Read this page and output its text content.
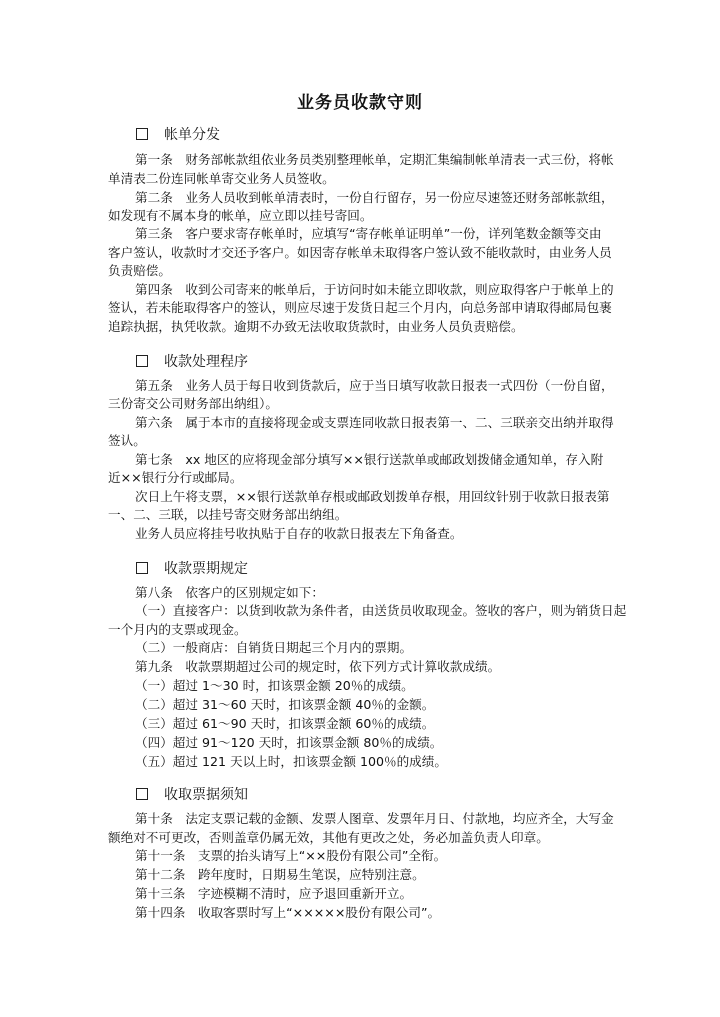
业务员收款守则
帐单分发
第一条　财务部帐款组依业务员类别整理帐单，定期汇集编制帐单清表一式三份，将帐
单清表二份连同帐单寄交业务人员签收。
第二条　业务人员收到帐单清表时，一份自行留存，另一份应尽速签还财务部帐款组，
如发现有不属本身的帐单，应立即以挂号寄回。
第三条　客户要求寄存帐单时，应填写“寄存帐单证明单”一份，详列笔数金额等交由
客户签认，收款时才交还予客户。如因寄存帐单未取得客户签认致不能收款时，由业务人员
负责赔偿。
第四条　收到公司寄来的帐单后，于访问时如未能立即收款，则应取得客户于帐单上的
签认，若未能取得客户的签认，则应尽速于发货日起三个月内，向总务部申请取得邮局包裹
追踪执据，执凭收款。逾期不办致无法收取货款时，由业务人员负责赔偿。
收款处理程序
第五条　业务人员于每日收到货款后，应于当日填写收款日报表一式四份（一份自留，
三份寄交公司财务部出纳组）。
第六条　属于本市的直接将现金或支票连同收款日报表第一、二、三联亲交出纳并取得
签认。
第七条　xx 地区的应将现金部分填写××银行送款单或邮政划拨储金通知单，存入附
近××银行分行或邮局。
次日上午将支票，××银行送款单存根或邮政划拨单存根，用回纹针别于收款日报表第
一、二、三联，以挂号寄交财务部出纳组。
业务人员应将挂号收执贴于自存的收款日报表左下角备查。
收款票期规定
第八条　依客户的区别规定如下：
（一）直接客户：以货到收款为条件者，由送货员收取现金。签收的客户，则为销货日起
一个月内的支票或现金。
（二）一般商店：自销货日期起三个月内的票期。
第九条　收款票期超过公司的规定时，依下列方式计算收款成绩。
（一）超过 1～30 时，扣该票金额 20％的成绩。
（二）超过 31～60 天时，扣该票金额 40％的金额。
（三）超过 61～90 天时，扣该票金额 60％的成绩。
（四）超过 91～120 天时，扣该票金额 80％的成绩。
（五）超过 121 天以上时，扣该票金额 100％的成绩。
收取票据须知
第十条　法定支票记载的金额、发票人图章、发票年月日、付款地，均应齐全，大写金
额绝对不可更改，否则盖章仍属无效，其他有更改之处，务必加盖负责人印章。
第十一条　支票的抬头请写上“××股份有限公司”全衔。
第十二条　跨年度时，日期易生笔误，应特别注意。
第十三条　字迹模糊不清时，应予退回重新开立。
第十四条　收取客票时写上“×××××股份有限公司”。
